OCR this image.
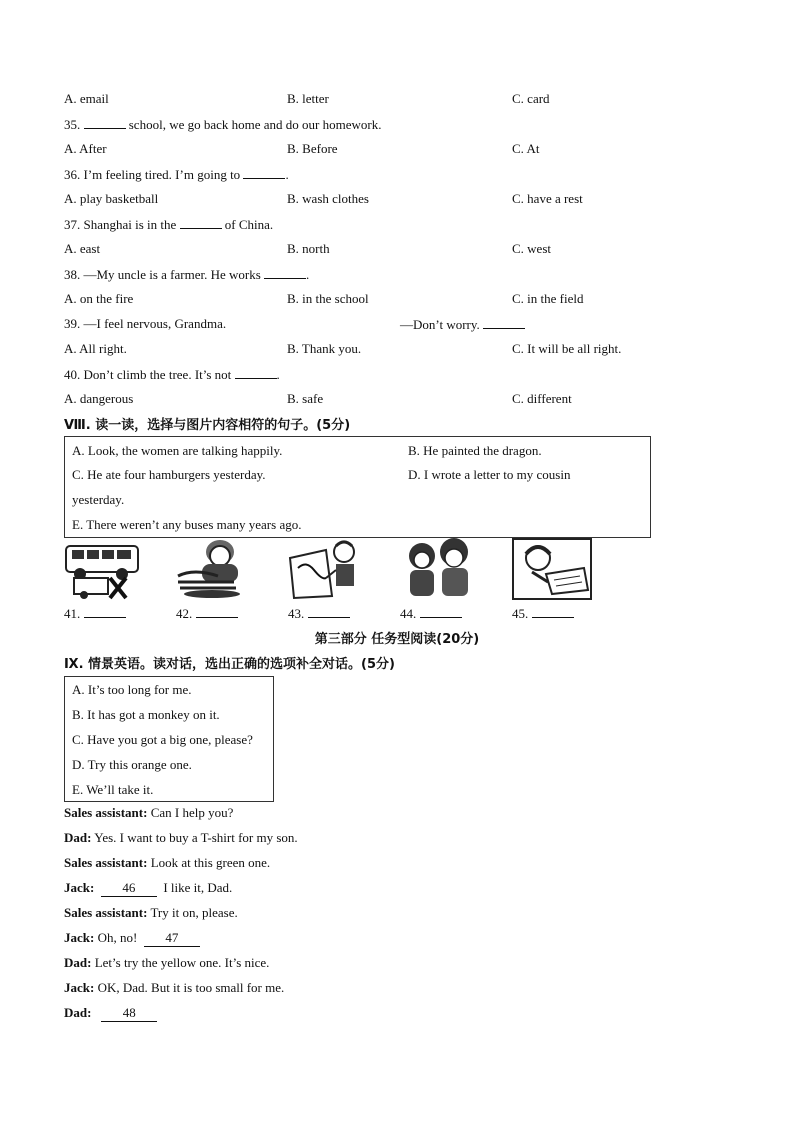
A. email	B. letter	C. card
35.	school, we go back home and do our homework.
A. After	B. Before	C. At
36. I’m feeling tired. I’m going to	.
A. play basketball	B. wash clothes	C. have a rest
37. Shanghai is in the	of China.
A. east	B. north	C. west
38. —My uncle is a farmer. He works	.
A. on the fire	B. in the school	C. in the field
39. —I feel nervous, Grandma.	—Don’t worry.
A. All right.	B. Thank you.	C. It will be all right.
40. Don’t climb the tree. It’s not	.
A. dangerous	B. safe	C. different
Ⅷ. 读一读，选择与图片内容相符的句子。(5分)
A. Look, the women are talking happily.	B. He painted the dragon.
C. He ate four hamburgers yesterday.	D. I wrote a letter to my cousin
yesterday.
E. There weren’t any buses many years ago.
41.	42.	43.	44.	45.
第三部分 任务型阅读(20分)
Ⅸ. 情景英语。读对话，选出正确的选项补全对话。(5分)
A. It’s too long for me.
B. It has got a monkey on it.
C. Have you got a big one, please?
D. Try this orange one.
E. We’ll take it.
Sales assistant: Can I help you?
Dad: Yes. I want to buy a T-shirt for my son.
Sales assistant: Look at this green one.
Jack: 46 I like it, Dad.
Sales assistant: Try it on, please.
Jack: Oh, no! 47
Dad: Let’s try the yellow one. It’s nice.
Jack: OK, Dad. But it is too small for me.
Dad: 48
